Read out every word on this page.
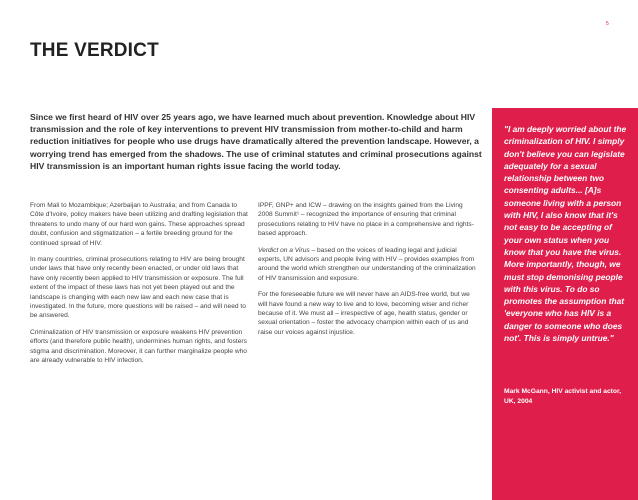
5
THE VERDICT

Since we first heard of HIV over 25 years ago, we have learned much about prevention. Knowledge about HIV transmission and the role of key interventions to prevent HIV transmission from mother-to-child and harm reduction initiatives for people who use drugs have dramatically altered the prevention landscape. However, a worrying trend has emerged from the shadows. The use of criminal statutes and criminal prosecutions against HIV transmission is an important human rights issue facing the world today.

From Mali to Mozambique; Azerbaijan to Australia; and from Canada to Côte d'Ivoire, policy makers have been utilizing and drafting legislation that threatens to undo many of our hard won gains. These approaches spread doubt, confusion and stigmatization – a fertile breeding ground for the continued spread of HIV.

In many countries, criminal prosecutions relating to HIV are being brought under laws that have only recently been enacted, or under old laws that have only recently been applied to HIV transmission or exposure. The full extent of the impact of these laws has not yet been played out and the landscape is changing with each new law and each new case that is investigated. In the future, more questions will be raised – and will need to be answered.

Criminalization of HIV transmission or exposure weakens HIV prevention efforts (and therefore public health), undermines human rights, and fosters stigma and discrimination. Moreover, it can further marginalize people who are already vulnerable to HIV infection.

IPPF, GNP+ and ICW – drawing on the insights gained from the Living 2008 Summit¹ – recognized the importance of ensuring that criminal prosecutions relating to HIV have no place in a comprehensive and rights-based approach.

Verdict on a Virus – based on the voices of leading legal and judicial experts, UN advisors and people living with HIV – provides examples from around the world which strengthen our understanding of the criminalization of HIV transmission and exposure.

For the foreseeable future we will never have an AIDS-free world, but we will have found a new way to live and to love, becoming wiser and richer because of it. We must all – irrespective of age, health status, gender or sexual orientation – foster the advocacy champion within each of us and raise our voices against injustice.

"I am deeply worried about the criminalization of HIV. I simply don't believe you can legislate adequately for a sexual relationship between two consenting adults... [A]s someone living with a person with HIV, I also know that it's not easy to be accepting of your own status when you know that you have the virus. More importantly, though, we must stop demonising people with this virus. To do so promotes the assumption that 'everyone who has HIV is a danger to someone who does not'. This is simply untrue."

Mark McGann, HIV activist and actor, UK, 2004
